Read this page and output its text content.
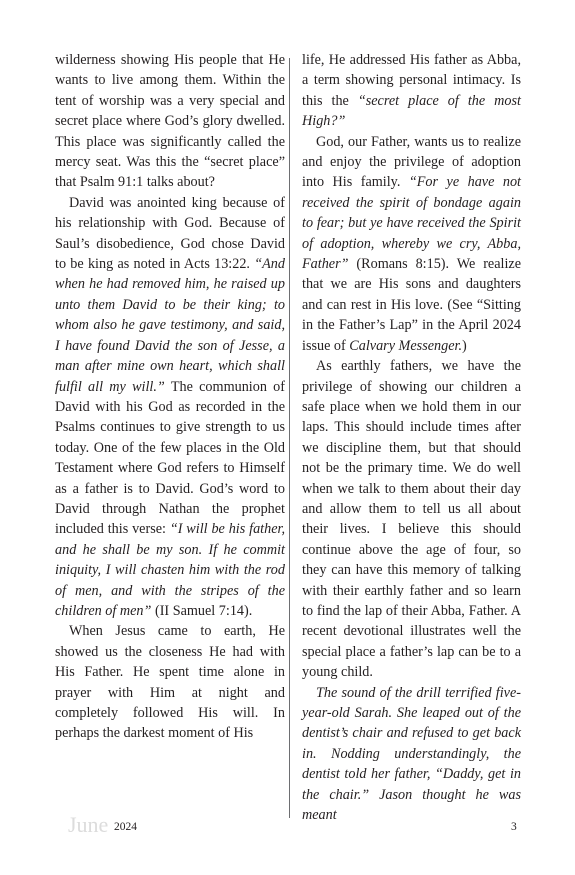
wilderness showing His people that He wants to live among them. Within the tent of worship was a very special and secret place where God’s glory dwelled. This place was significantly called the mercy seat. Was this the “secret place” that Psalm 91:1 talks about?

David was anointed king because of his relationship with God. Because of Saul’s disobedience, God chose David to be king as noted in Acts 13:22. “And when he had removed him, he raised up unto them David to be their king; to whom also he gave testimony, and said, I have found David the son of Jesse, a man after mine own heart, which shall fulfil all my will.” The communion of David with his God as recorded in the Psalms continues to give strength to us today. One of the few places in the Old Testament where God refers to Himself as a father is to David. God’s word to David through Nathan the prophet included this verse: “I will be his father, and he shall be my son. If he commit iniquity, I will chasten him with the rod of men, and with the stripes of the children of men” (II Samuel 7:14).

When Jesus came to earth, He showed us the closeness He had with His Father. He spent time alone in prayer with Him at night and completely followed His will. In perhaps the darkest moment of His

life, He addressed His father as Abba, a term showing personal intimacy. Is this the “secret place of the most High?”

God, our Father, wants us to realize and enjoy the privilege of adoption into His family. “For ye have not received the spirit of bondage again to fear; but ye have received the Spirit of adoption, whereby we cry, Abba, Father” (Romans 8:15). We realize that we are His sons and daughters and can rest in His love. (See “Sitting in the Father’s Lap” in the April 2024 issue of Calvary Messenger.)

As earthly fathers, we have the privilege of showing our children a safe place when we hold them in our laps. This should include times after we discipline them, but that should not be the primary time. We do well when we talk to them about their day and allow them to tell us all about their lives. I believe this should continue above the age of four, so they can have this memory of talking with their earthly father and so learn to find the lap of their Abba, Father. A recent devotional illustrates well the special place a father’s lap can be to a young child.

The sound of the drill terrified five-year-old Sarah. She leaped out of the dentist’s chair and refused to get back in. Nodding understandingly, the dentist told her father, “Daddy, get in the chair.” Jason thought he was meant

June 2024	3
